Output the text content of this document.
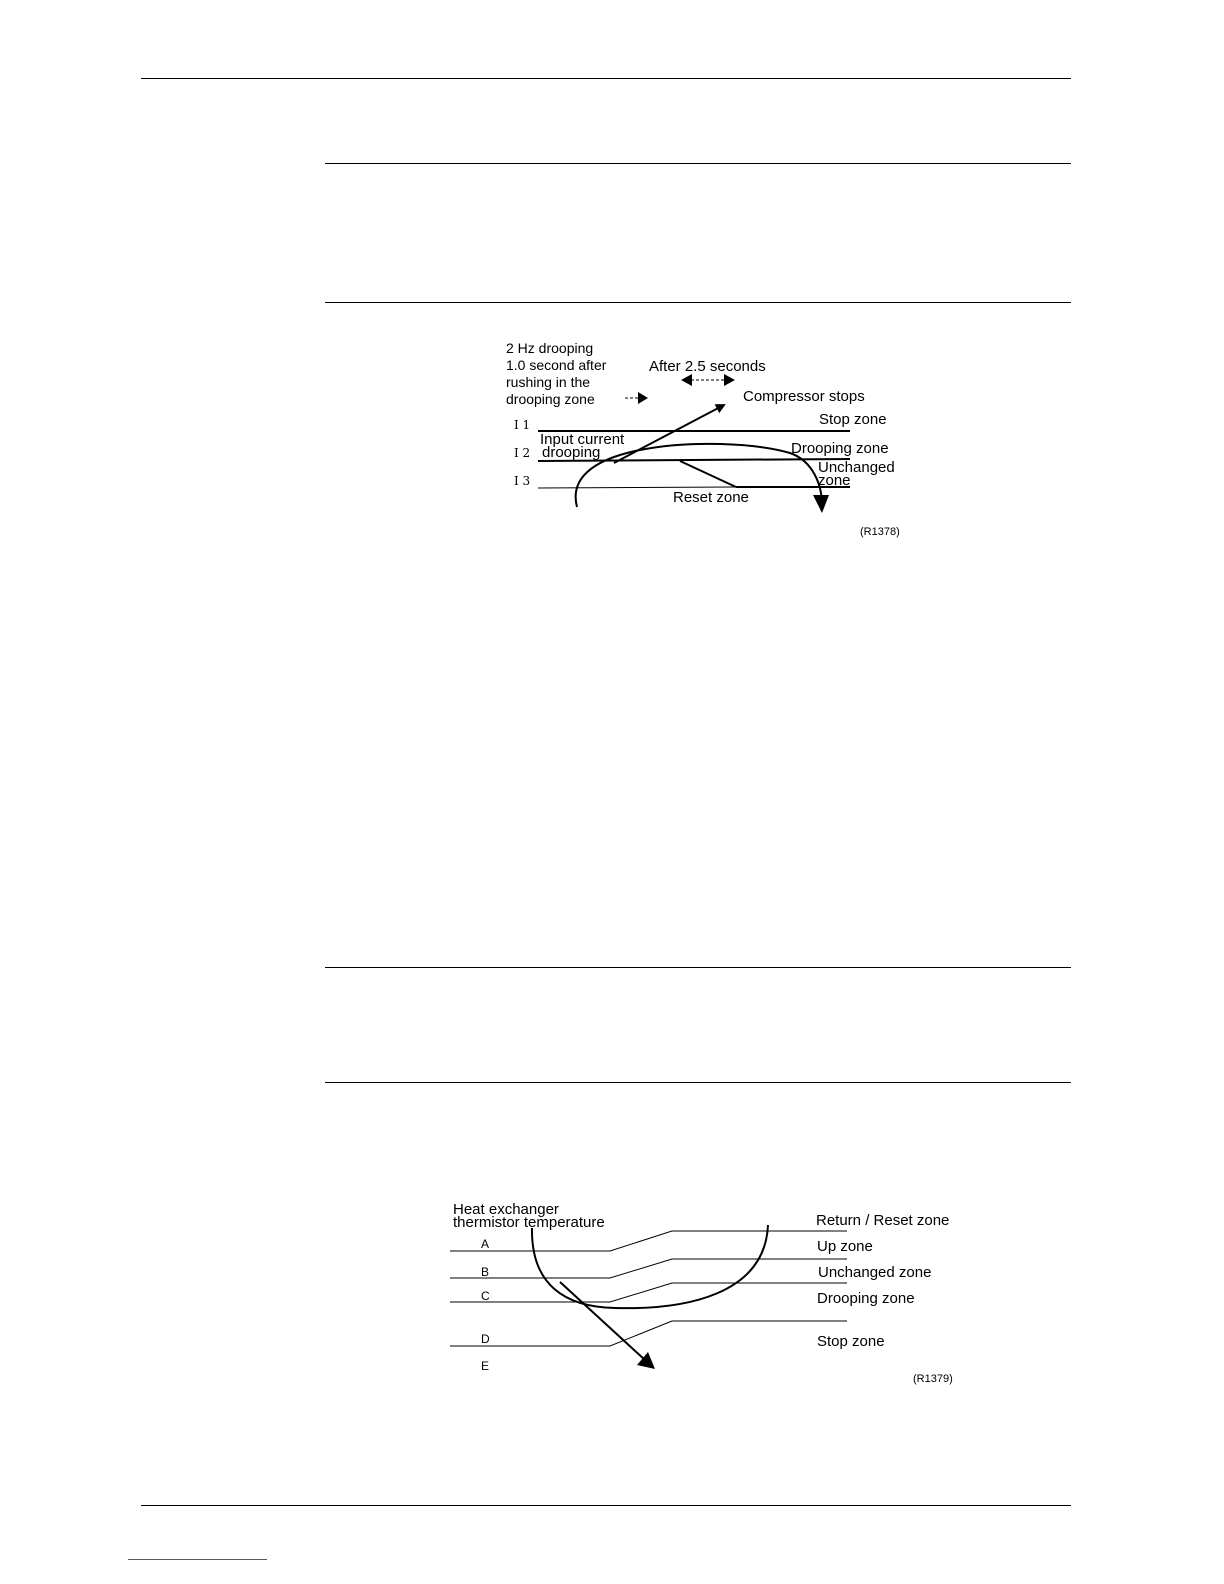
2 Hz drooping
1.0 second after
rushing in the
drooping zone
After 2.5 seconds
Compressor stops
I 1
I 2
I 3
Input current
drooping
Stop zone
Drooping zone
Unchanged
zone
Reset zone
(R1378)
Heat exchanger
thermistor temperature
A
B
C
D
E
Return / Reset zone
Up zone
Unchanged zone
Drooping zone
Stop zone
(R1379)
